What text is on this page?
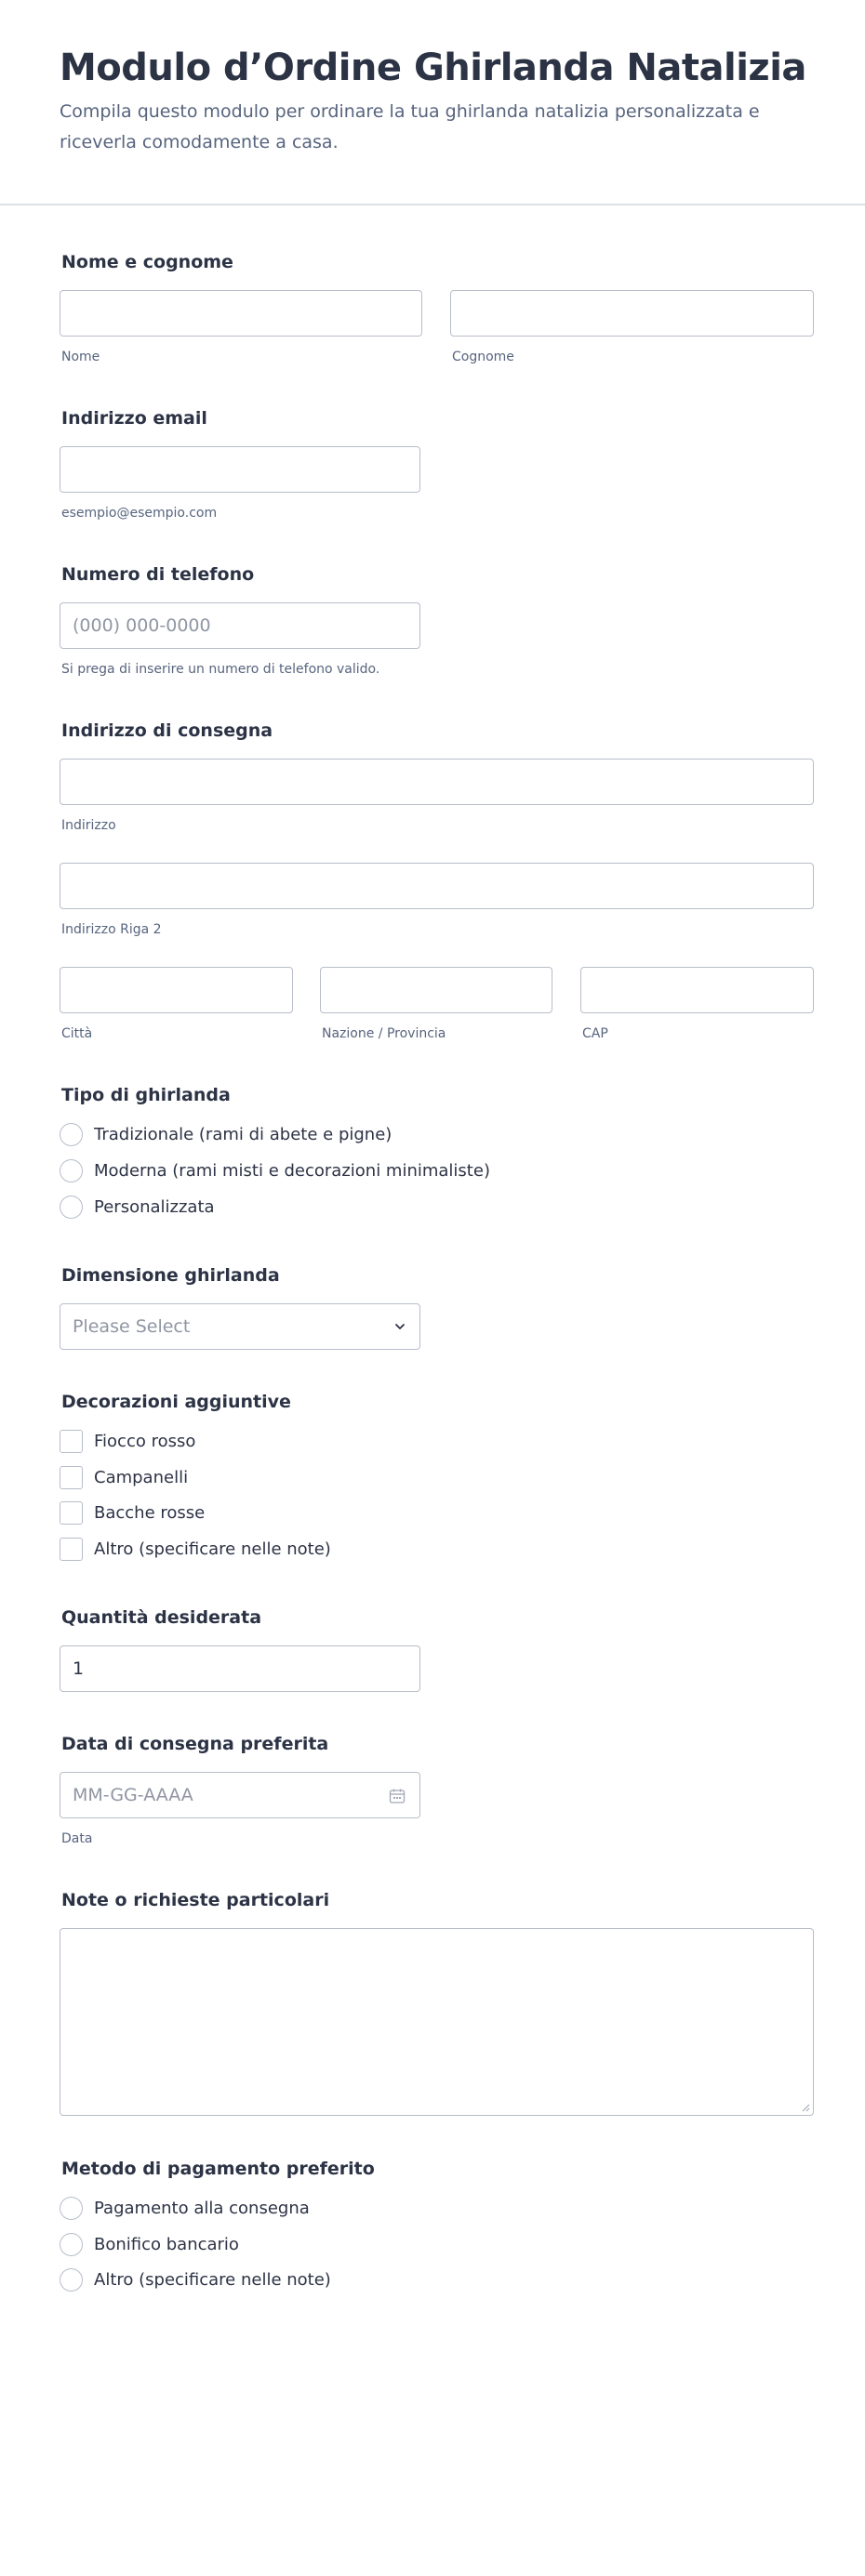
Modulo d’Ordine Ghirlanda Natalizia
Compila questo modulo per ordinare la tua ghirlanda natalizia personalizzata e riceverla comodamente a casa.
Nome e cognome
Nome	Cognome
Indirizzo email
esempio@esempio.com
Numero di telefono
(000) 000-0000
Si prega di inserire un numero di telefono valido.
Indirizzo di consegna
Indirizzo
Indirizzo Riga 2
Città	Nazione / Provincia	CAP
Tipo di ghirlanda
Tradizionale (rami di abete e pigne)
Moderna (rami misti e decorazioni minimaliste)
Personalizzata
Dimensione ghirlanda
Please Select
Decorazioni aggiuntive
Fiocco rosso
Campanelli
Bacche rosse
Altro (specificare nelle note)
Quantità desiderata
1
Data di consegna preferita
MM-GG-AAAA
Data
Note o richieste particolari
Metodo di pagamento preferito
Pagamento alla consegna
Bonifico bancario
Altro (specificare nelle note)
